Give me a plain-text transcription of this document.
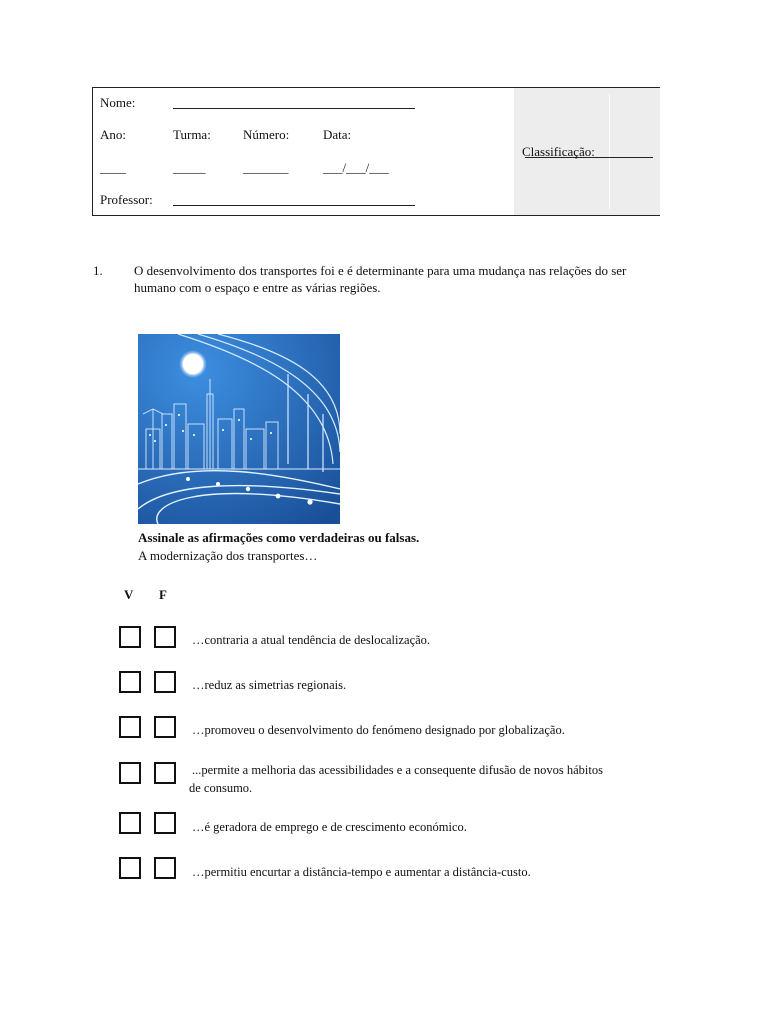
Nome:
Ano:	Turma: Número:	Data:
____	_____	_______	___/___/___
Professor:
Classificação:
1. O desenvolvimento dos transportes foi e é determinante para uma mudança nas relações do ser
humano com o espaço e entre as várias regiões.
Assinale as afirmações como verdadeiras ou falsas.
A modernização dos transportes…
V F
…contraria a atual tendência de deslocalização.
…reduz as simetrias regionais.
…promoveu o desenvolvimento do fenómeno designado por globalização.
...permite a melhoria das acessibilidades e a consequente difusão de novos hábitos
de consumo.
…é geradora de emprego e de crescimento económico.
…permitiu encurtar a distância-tempo e aumentar a distância-custo.
